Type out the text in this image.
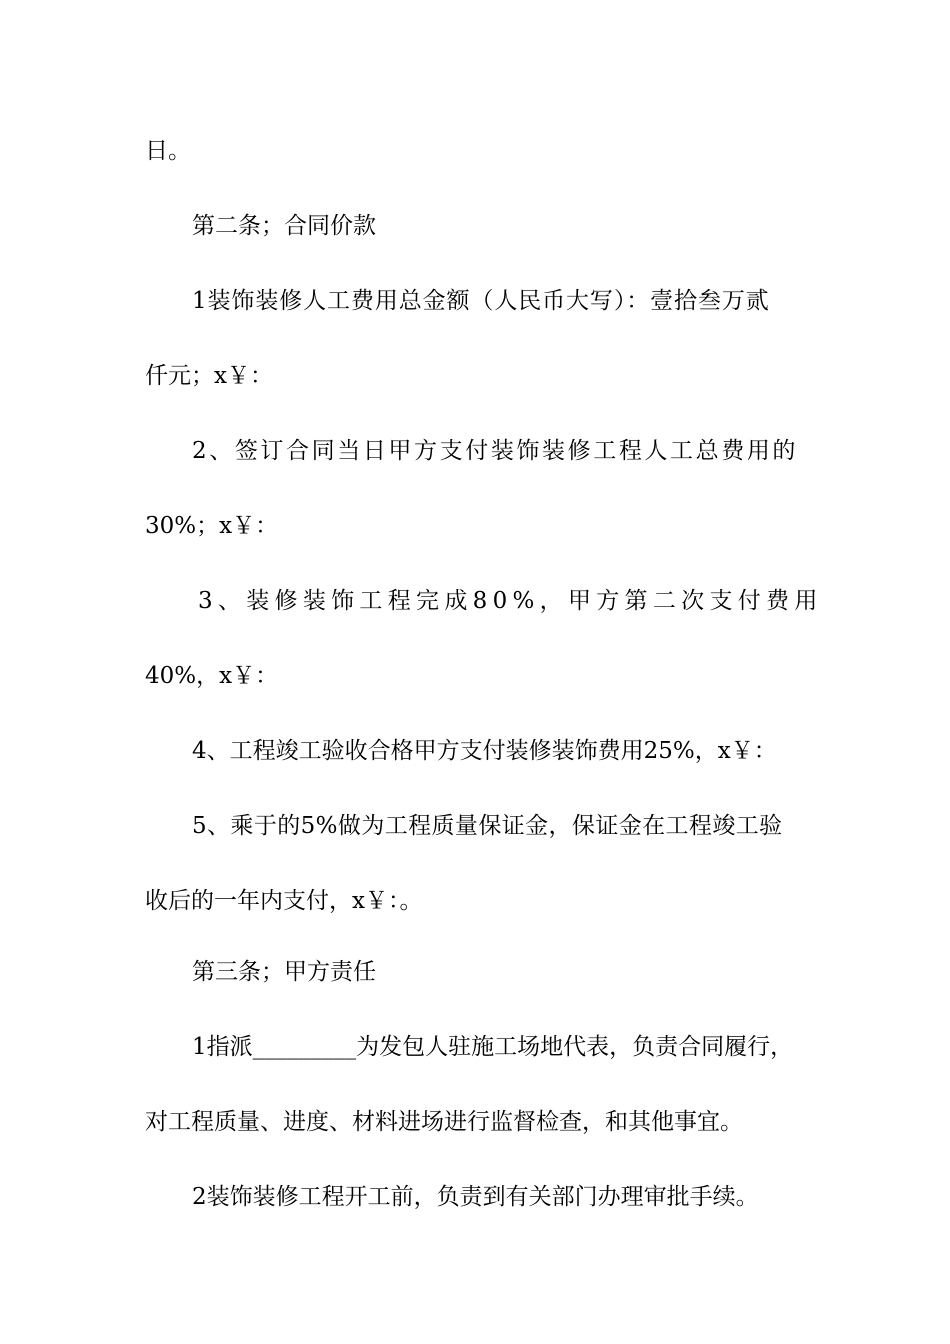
日。
第二条；合同价款
1装饰装修人工费用总金额（人民币大写）：壹拾叁万贰
仟元；x￥：
2、签订合同当日甲方支付装饰装修工程人工总费用的
30%；x￥：
3、装修装饰工程完成80%，甲方第二次支付费用
40%，x￥：
4、工程竣工验收合格甲方支付装修装饰费用25%，x￥：
5、乘于的5%做为工程质量保证金，保证金在工程竣工验
收后的一年内支付，x￥：。
第三条；甲方责任
1指派_________为发包人驻施工场地代表，负责合同履行，
对工程质量、进度、材料进场进行监督检查，和其他事宜。
2装饰装修工程开工前，负责到有关部门办理审批手续。
